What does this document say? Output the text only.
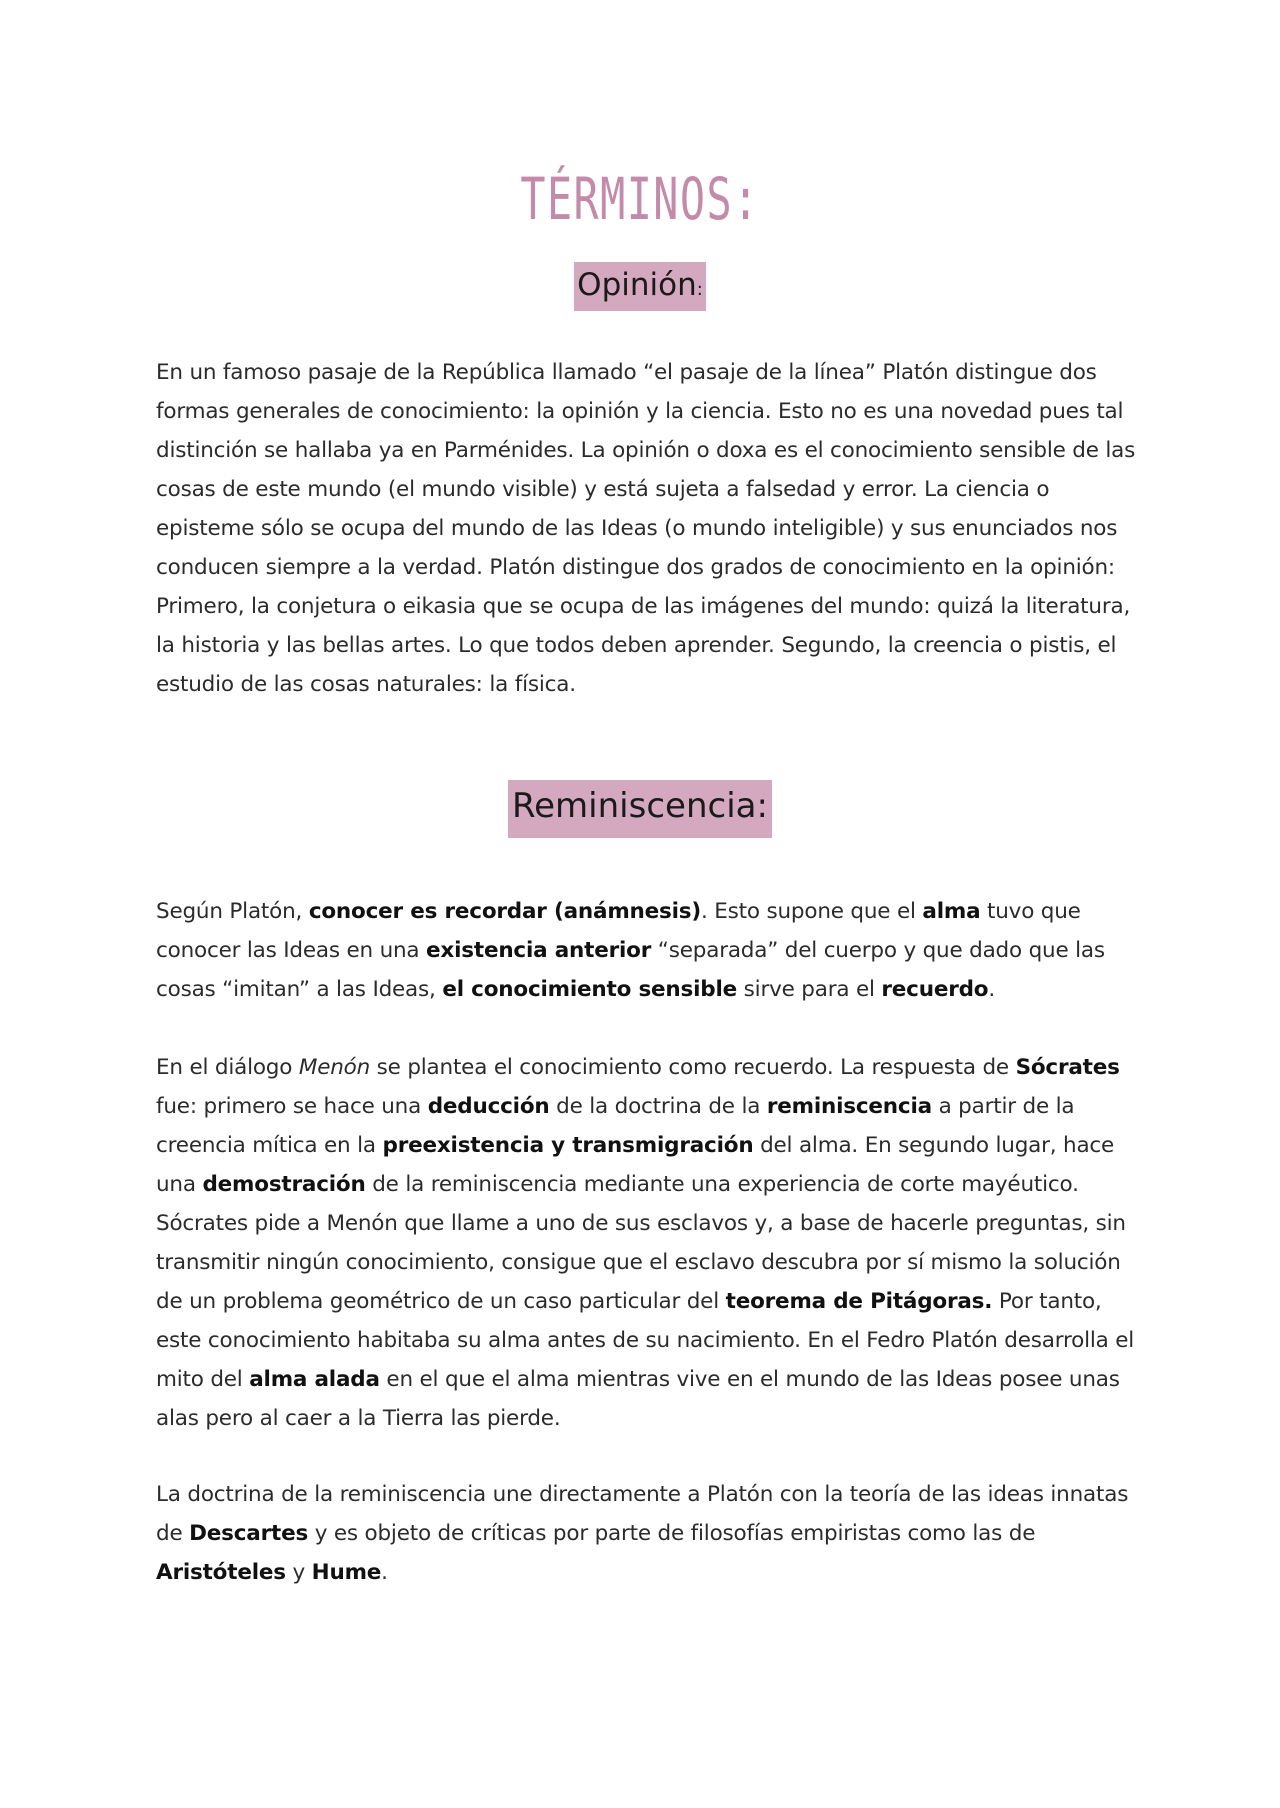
TÉRMINOS:
Opinión:

En un famoso pasaje de la República llamado “el pasaje de la línea” Platón distingue dos formas generales de conocimiento: la opinión y la ciencia. Esto no es una novedad pues tal distinción se hallaba ya en Parménides. La opinión o doxa es el conocimiento sensible de las cosas de este mundo (el mundo visible) y está sujeta a falsedad y error. La ciencia o episteme sólo se ocupa del mundo de las Ideas (o mundo inteligible) y sus enunciados nos conducen siempre a la verdad. Platón distingue dos grados de conocimiento en la opinión: Primero, la conjetura o eikasia que se ocupa de las imágenes del mundo: quizá la literatura, la historia y las bellas artes. Lo que todos deben aprender. Segundo, la creencia o pistis, el estudio de las cosas naturales: la física.

Reminiscencia:

Según Platón, conocer es recordar (anámnesis). Esto supone que el alma tuvo que conocer las Ideas en una existencia anterior “separada” del cuerpo y que dado que las cosas “imitan” a las Ideas, el conocimiento sensible sirve para el recuerdo.

En el diálogo Menón se plantea el conocimiento como recuerdo. La respuesta de Sócrates fue: primero se hace una deducción de la doctrina de la reminiscencia a partir de la creencia mítica en la preexistencia y transmigración del alma. En segundo lugar, hace una demostración de la reminiscencia mediante una experiencia de corte mayéutico.
Sócrates pide a Menón que llame a uno de sus esclavos y, a base de hacerle preguntas, sin transmitir ningún conocimiento, consigue que el esclavo descubra por sí mismo la solución de un problema geométrico de un caso particular del teorema de Pitágoras. Por tanto, este conocimiento habitaba su alma antes de su nacimiento. En el Fedro Platón desarrolla el mito del alma alada en el que el alma mientras vive en el mundo de las Ideas posee unas alas pero al caer a la Tierra las pierde.

La doctrina de la reminiscencia une directamente a Platón con la teoría de las ideas innatas de Descartes y es objeto de críticas por parte de filosofías empiristas como las de Aristóteles y Hume.
